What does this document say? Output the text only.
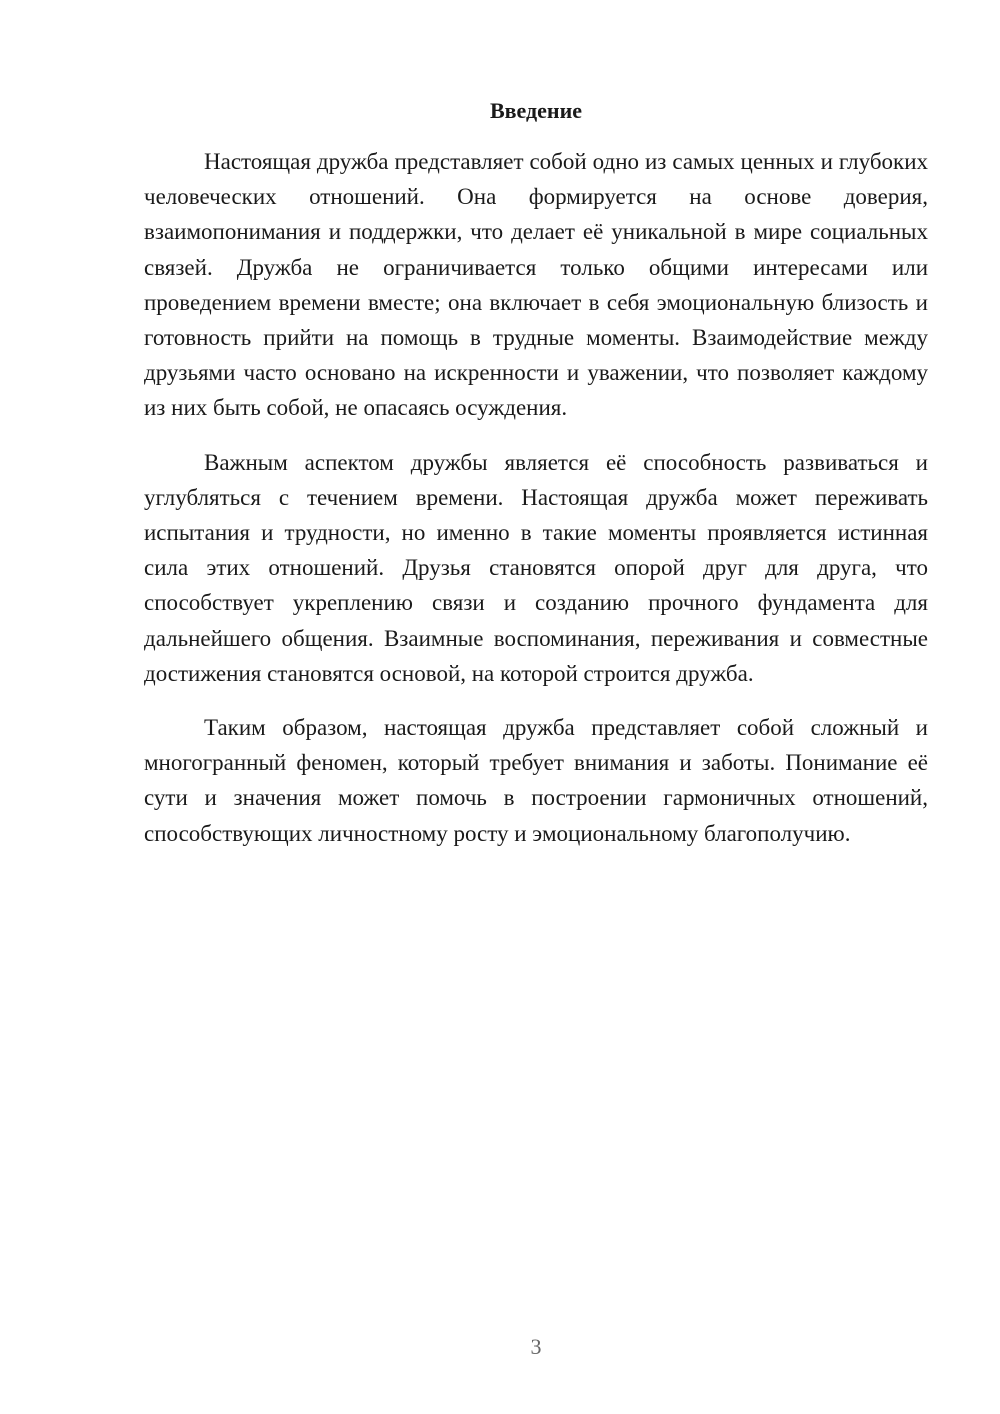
Введение

Настоящая дружба представляет собой одно из самых ценных и глубоких человеческих отношений. Она формируется на основе доверия, взаимопонимания и поддержки, что делает её уникальной в мире социальных связей. Дружба не ограничивается только общими интересами или проведением времени вместе; она включает в себя эмоциональную близость и готовность прийти на помощь в трудные моменты. Взаимодействие между друзьями часто основано на искренности и уважении, что позволяет каждому из них быть собой, не опасаясь осуждения.

Важным аспектом дружбы является её способность развиваться и углубляться с течением времени. Настоящая дружба может переживать испытания и трудности, но именно в такие моменты проявляется истинная сила этих отношений. Друзья становятся опорой друг для друга, что способствует укреплению связи и созданию прочного фундамента для дальнейшего общения. Взаимные воспоминания, переживания и совместные достижения становятся основой, на которой строится дружба.

Таким образом, настоящая дружба представляет собой сложный и многогранный феномен, который требует внимания и заботы. Понимание её сути и значения может помочь в построении гармоничных отношений, способствующих личностному росту и эмоциональному благополучию.

3
